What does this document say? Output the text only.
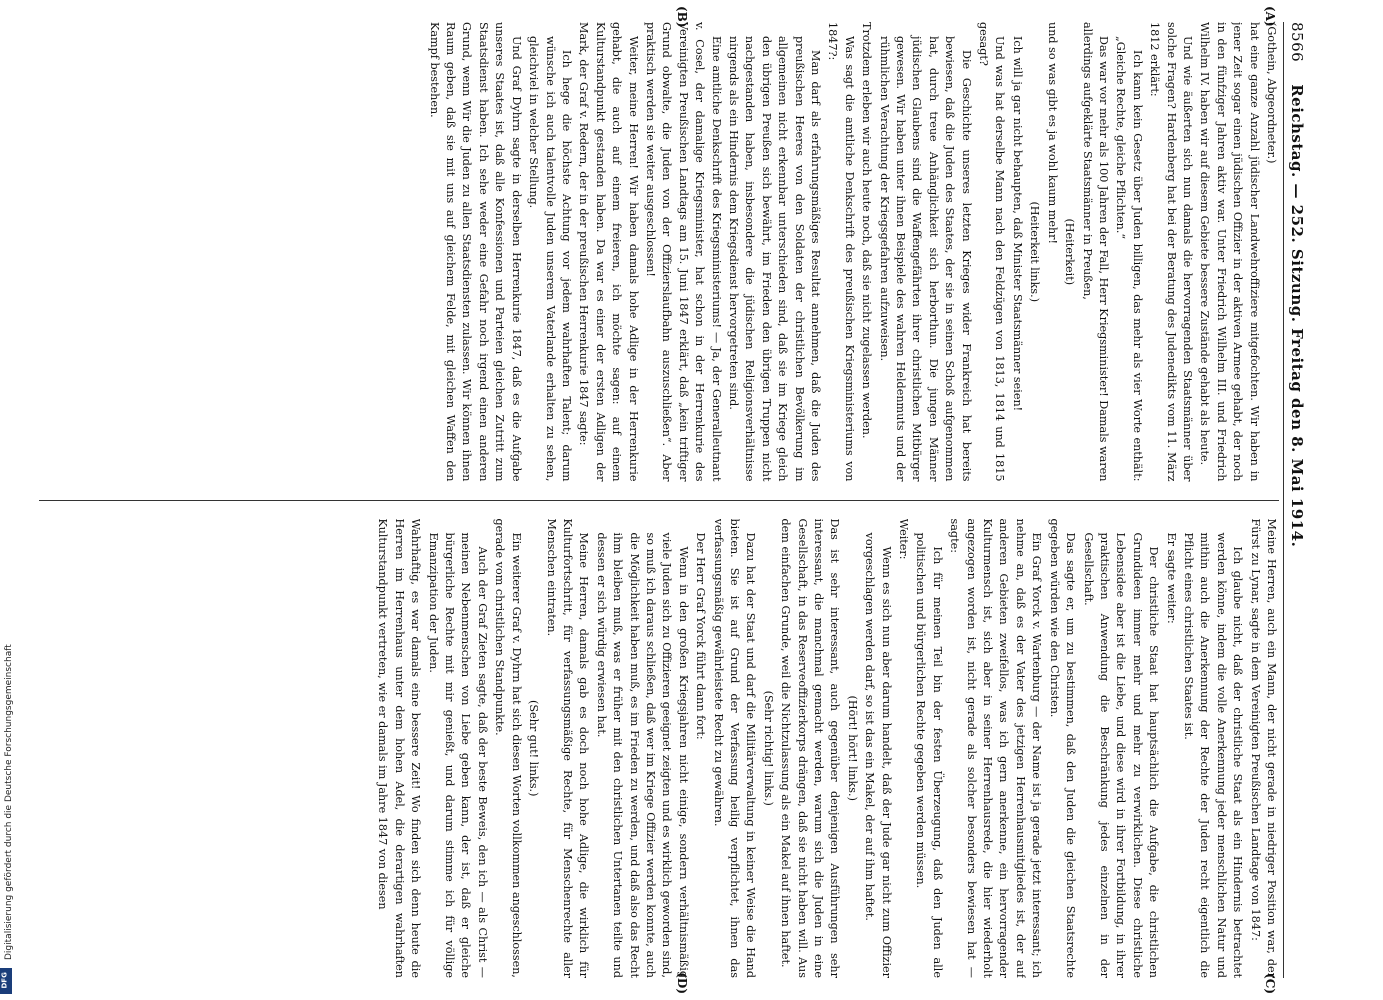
8566
Reichstag. — 252. Sitzung. Freitag den 8. Mai 1914.

(Gothein, Abgeordneter.)

hat eine ganze Anzahl jüdischer Landwehroffiziere mitgefochten. Wir haben in jener Zeit sogar einen jüdischen Offizier in der aktiven Armee gehabt, der noch in den fünfziger Jahren aktiv war. Unter Friedrich Wilhelm III. und Friedrich Wilhelm IV. haben wir auf diesem Gebiete bessere Zustände gehabt als heute.

Und wie äußerten sich nun damals die hervorragenden Staatsmänner über solche Fragen? Hardenberg hat bei der Beratung des Judenedikts vom 11. März 1812 erklärt:

Ich kann kein Gesetz über Juden billigen, das mehr als vier Worte enthält: „Gleiche Rechte, gleiche Pflichten.“

Das war vor mehr als 100 Jahren der Fall, Herr Kriegsminister! Damals waren allerdings aufgeklärte Staatsmänner in Preußen,

(Heiterkeit)

und so was gibt es ja wohl kaum mehr!

(Heiterkeit links.)

Ich will ja gar nicht behaupten, daß Minister Staatsmänner seien!

Und was hat derselbe Mann nach den Feldzügen von 1813, 1814 und 1815 gesagt?

Die Geschichte unseres letzten Krieges wider Frankreich hat bereits bewiesen, daß die Juden des Staates, der sie in seinen Schoß aufgenommen hat, durch treue Anhänglichkeit sich herborthun. Die jungen Männer jüdischen Glaubens sind die Waffengefährten ihrer christlichen Mitbürger gewesen. Wir haben unter ihnen Beispiele des wahren Heldenmuts und der rühmlichen Verachtung der Kriegsgefahren aufzuweisen.

Trotzdem erleben wir auch heute noch, daß sie nicht zugelassen werden.

Was sagt die amtliche Denkschrift des preußischen Kriegsministeriums von 1847?:

Man darf als erfahrungsmäßiges Resultat annehmen, daß die Juden des preußischen Heeres von den Soldaten der christlichen Bevölkerung im allgemeinen nicht erkennbar unterschieden sind, daß sie im Kriege gleich den übrigen Preußen sich bewährt, im Frieden den übrigen Truppen nicht nachgestanden haben, insbesondere die jüdischen Religionsverhältnisse nirgends als ein Hindernis dem Kriegsdienst hervorgetreten sind.

Eine amtliche Denkschrift des Kriegsministeriums! — Ja, der Generalleutnant v. Cosel, der damalige Kriegsminister, hat schon in der Herrenkurie des Vereinigten Preußischen Landtags am 15. Juni 1847 erklärt, daß „kein triftiger Grund obwalte, die Juden von der Offizierslaufbahn auszuschließen“. Aber praktisch werden sie weiter ausgeschlossen!

Weiter, meine Herren! Wir haben damals hohe Adlige in der Herrenkurie gehabt, die auch auf einem freieren, ich möchte sagen: auf einem Kulturstandpunkt gestanden haben. Da war es einer der ersten Adligen der Mark, der Graf v. Redern, der in der preußischen Herrenkurie 1847 sagte:

Ich hege die höchste Achtung vor jedem wahrhaften Talent; darum wünsche ich auch talentvolle Juden unserem Vaterlande erhalten zu sehen, gleichviel in welcher Stellung.

Und Graf Dyhrn sagte in derselben Herrenkurie 1847, daß es die Aufgabe unseres Staates ist, daß alle Konfessionen und Parteien gleichen Zutritt zum Staatsdienst haben. Ich sehe weder eine Gefahr noch irgend einen anderen Grund, wenn Wir die Juden zu allen Staatsdiensten zulassen. Wir können ihnen Raum geben, daß sie mit uns auf gleichem Felde, mit gleichen Waffen den Kampf bestehen.

Meine Herren, auch ein Mann, der nicht gerade in niedriger Position war, der Fürst zu Lynar, sagte in dem Vereinigten Preußischen Landtage von 1847:

Ich glaube nicht, daß der christliche Staat als ein Hindernis betrachtet werden könne, indem die volle Anerkennung jeder menschlichen Natur und mithin auch die Anerkennung der Rechte der Juden recht eigentlich die Pflicht eines christlichen Staates ist.

Er sagte weiter:

Der christliche Staat hat hauptsächlich die Aufgabe, die christlichen Grundideen immer mehr und mehr zu verwirklichen. Diese christliche Lebensidee aber ist die Liebe, und diese wird in ihrer Fortbildung, in ihrer praktischen Anwendung die Beschränkung jedes einzelnen in der Gesellschaft.

Das sagte er, um zu bestimmen, daß den Juden die gleichen Staatsrechte gegeben würden wie den Christen.

Ein Graf Yorck v. Wartenburg — der Name ist ja gerade jetzt interessant; ich nehme an, daß es der Vater des jetzigen Herrenhausmitgliedes ist, der auf anderen Gebieten zweifellos, was ich gern anerkenne, ein hervorragender Kulturmensch ist, sich aber in seiner Herrenhausrede, die hier wiederholt angezogen worden ist, nicht gerade als solcher besonders bewiesen hat — sagte:

Ich für meinen Teil bin der festen Überzeugung, daß den Juden alle politischen und bürgerlichen Rechte gegeben werden müssen.

Weiter:

Wenn es sich nun aber darum handelt, daß der Jude gar nicht zum Offizier vorgeschlagen werden darf, so ist das ein Makel, der auf ihm haftet.

(Hört! hört! links.)

Das ist sehr interessant, auch gegenüber denjenigen Ausführungen sehr interessant, die manchmal gemacht werden, warum sich die Juden in eine Gesellschaft, in das Reserveoffizierkorps drängen, daß sie nicht haben will. Aus dem einfachen Grunde, weil die Nichtzulassung als ein Makel auf ihnen haftet.

(Sehr richtig! links.)

Dazu hat der Staat und darf die Militärverwaltung in keiner Weise die Hand bieten. Sie ist auf Grund der Verfassung heilig verpflichtet, ihnen das verfassungsmäßig gewährleistete Recht zu gewähren.

Der Herr Graf Yorck führt dann fort:

Wenn in den großen Kriegsjahren nicht einige, sondern verhältnismäßig viele Juden sich zu Offizieren geeignet zeigten und es wirklich geworden sind, so muß ich daraus schließen, daß wer im Kriege Offizier werden konnte, auch die Möglichkeit haben muß, es im Frieden zu werden, und daß also das Recht ihm bleiben muß, was er früher mit den christlichen Untertanen teilte und dessen er sich würdig erwiesen hat.

Meine Herren, damals gab es doch noch hohe Adlige, die wirklich für Kulturfortschritt, für verfassungsmäßige Rechte, für Menschenrechte aller Menschen eintraten.

(Sehr gut! links.)

Ein weiterer Graf v. Dyhrn hat sich diesen Worten vollkommen angeschlossen, gerade vom christlichen Standpunkte.

Auch der Graf Zieten sagte, daß der beste Beweis, den ich — als Christ — meinen Nebenmenschen von Liebe geben kann, der ist, daß er gleiche bürgerliche Rechte mit mir genießt, und darum stimme ich für völlige Emanzipation der Juden.

Wahrhaftig, es war damals eine bessere Zeit! Wo finden sich denn heute die Herren im Herrenhaus unter dem hohen Adel, die derartigen wahrhaften Kulturstandpunkt vertreten, wie er damals im Jahre 1847 von diesen

(A)
(B)
(C)
(D)
Digitalisierung gefördert durch die Deutsche Forschungsgemeinschaft
DFG
